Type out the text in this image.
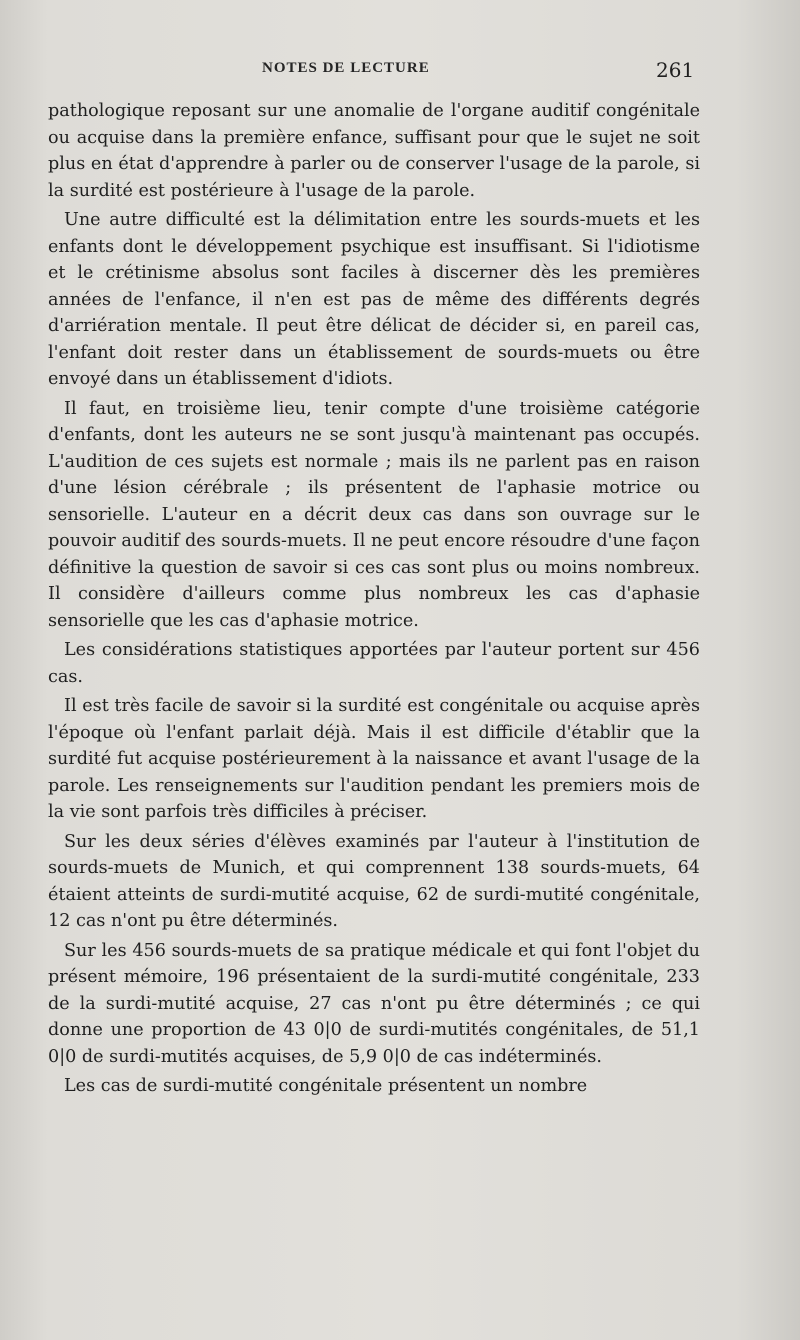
NOTES DE LECTURE	261

pathologique reposant sur une anomalie de l'organe auditif congénitale ou acquise dans la première enfance, suffisant pour que le sujet ne soit plus en état d'apprendre à parler ou de conserver l'usage de la parole, si la surdité est postérieure à l'usage de la parole.

Une autre difficulté est la délimitation entre les sourds-muets et les enfants dont le développement psychique est insuffisant. Si l'idiotisme et le crétinisme absolus sont faciles à discerner dès les premières années de l'enfance, il n'en est pas de même des différents degrés d'arriération mentale. Il peut être délicat de décider si, en pareil cas, l'enfant doit rester dans un établissement de sourds-muets ou être envoyé dans un établissement d'idiots.

Il faut, en troisième lieu, tenir compte d'une troisième catégorie d'enfants, dont les auteurs ne se sont jusqu'à maintenant pas occupés. L'audition de ces sujets est normale ; mais ils ne parlent pas en raison d'une lésion cérébrale ; ils présentent de l'aphasie motrice ou sensorielle. L'auteur en a décrit deux cas dans son ouvrage sur le pouvoir auditif des sourds-muets. Il ne peut encore résoudre d'une façon définitive la question de savoir si ces cas sont plus ou moins nombreux. Il considère d'ailleurs comme plus nombreux les cas d'aphasie sensorielle que les cas d'aphasie motrice.

Les considérations statistiques apportées par l'auteur portent sur 456 cas.

Il est très facile de savoir si la surdité est congénitale ou acquise après l'époque où l'enfant parlait déjà. Mais il est difficile d'établir que la surdité fut acquise postérieurement à la naissance et avant l'usage de la parole. Les renseignements sur l'audition pendant les premiers mois de la vie sont parfois très difficiles à préciser.

Sur les deux séries d'élèves examinés par l'auteur à l'institution de sourds-muets de Munich, et qui comprennent 138 sourds-muets, 64 étaient atteints de surdi-mutité acquise, 62 de surdi-mutité congénitale, 12 cas n'ont pu être déterminés.

Sur les 456 sourds-muets de sa pratique médicale et qui font l'objet du présent mémoire, 196 présentaient de la surdi-mutité congénitale, 233 de la surdi-mutité acquise, 27 cas n'ont pu être déterminés ; ce qui donne une proportion de 43 0|0 de surdi-mutités congénitales, de 51,1 0|0 de surdi-mutités acquises, de 5,9 0|0 de cas indéterminés.

Les cas de surdi-mutité congénitale présentent un nombre
